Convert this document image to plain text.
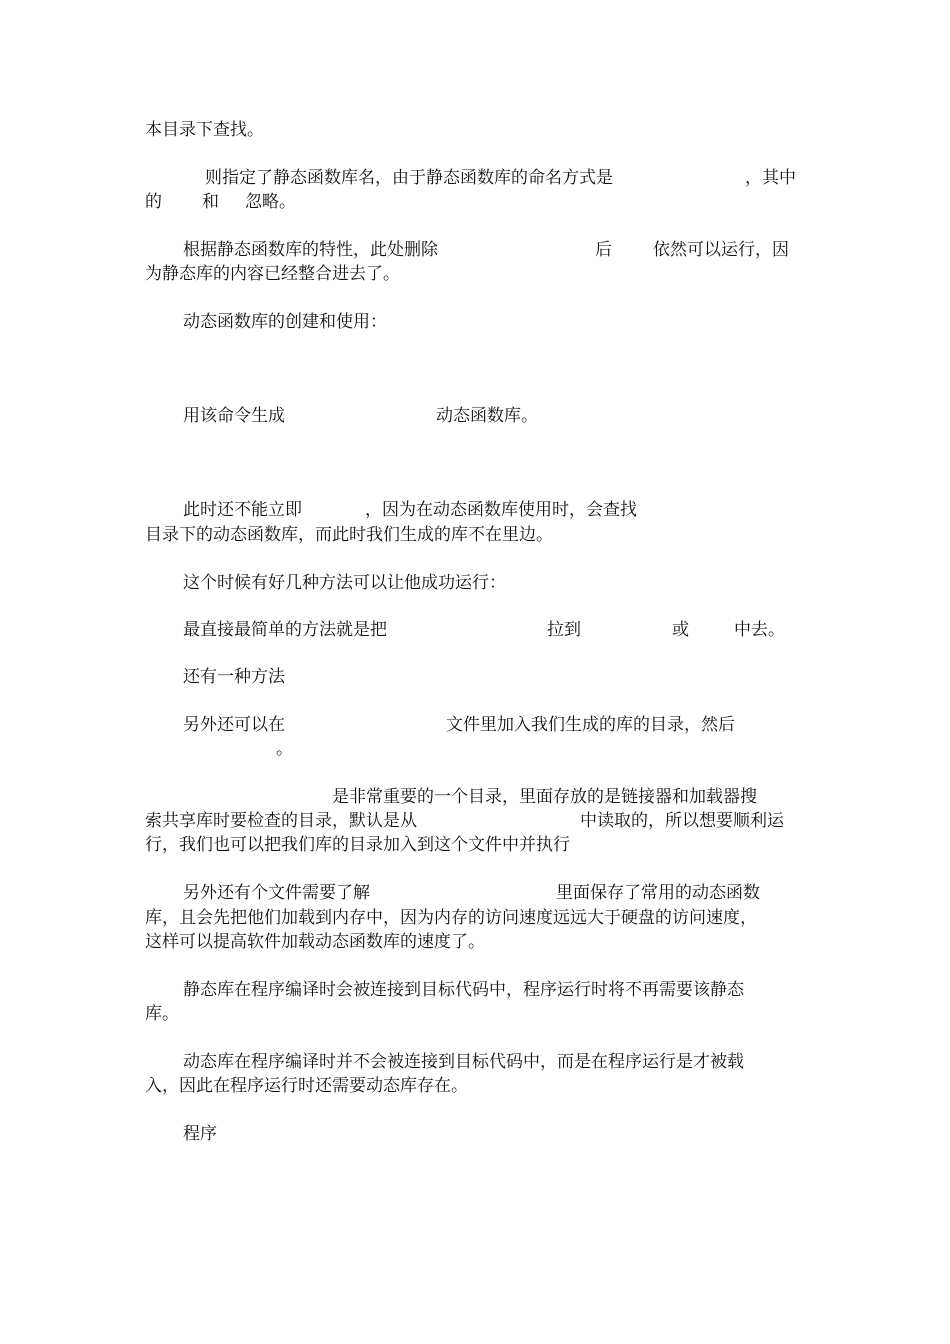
本目录下查找。
则指定了静态函数库名，由于静态函数库的命名方式是	，其中
的 和 忽略。
根据静态函数库的特性，此处删除	后 依然可以运行，因
为静态库的内容已经整合进去了。
动态函数库的创建和使用：
用该命令生成	动态函数库。
此时还不能立即	，因为在动态函数库使用时，会查找
目录下的动态函数库，而此时我们生成的库不在里边。
这个时候有好几种方法可以让他成功运行：
最直接最简单的方法就是把	拉到	或	中去。
还有一种方法
另外还可以在	文件里加入我们生成的库的目录，然后
。
是非常重要的一个目录，里面存放的是链接器和加载器搜
索共享库时要检查的目录，默认是从	中读取的，所以想要顺利运
行，我们也可以把我们库的目录加入到这个文件中并执行
另外还有个文件需要了解	里面保存了常用的动态函数
库，且会先把他们加载到内存中，因为内存的访问速度远远大于硬盘的访问速度，
这样可以提高软件加载动态函数库的速度了。
静态库在程序编译时会被连接到目标代码中，程序运行时将不再需要该静态
库。
动态库在程序编译时并不会被连接到目标代码中，而是在程序运行是才被载
入，因此在程序运行时还需要动态库存在。
程序
